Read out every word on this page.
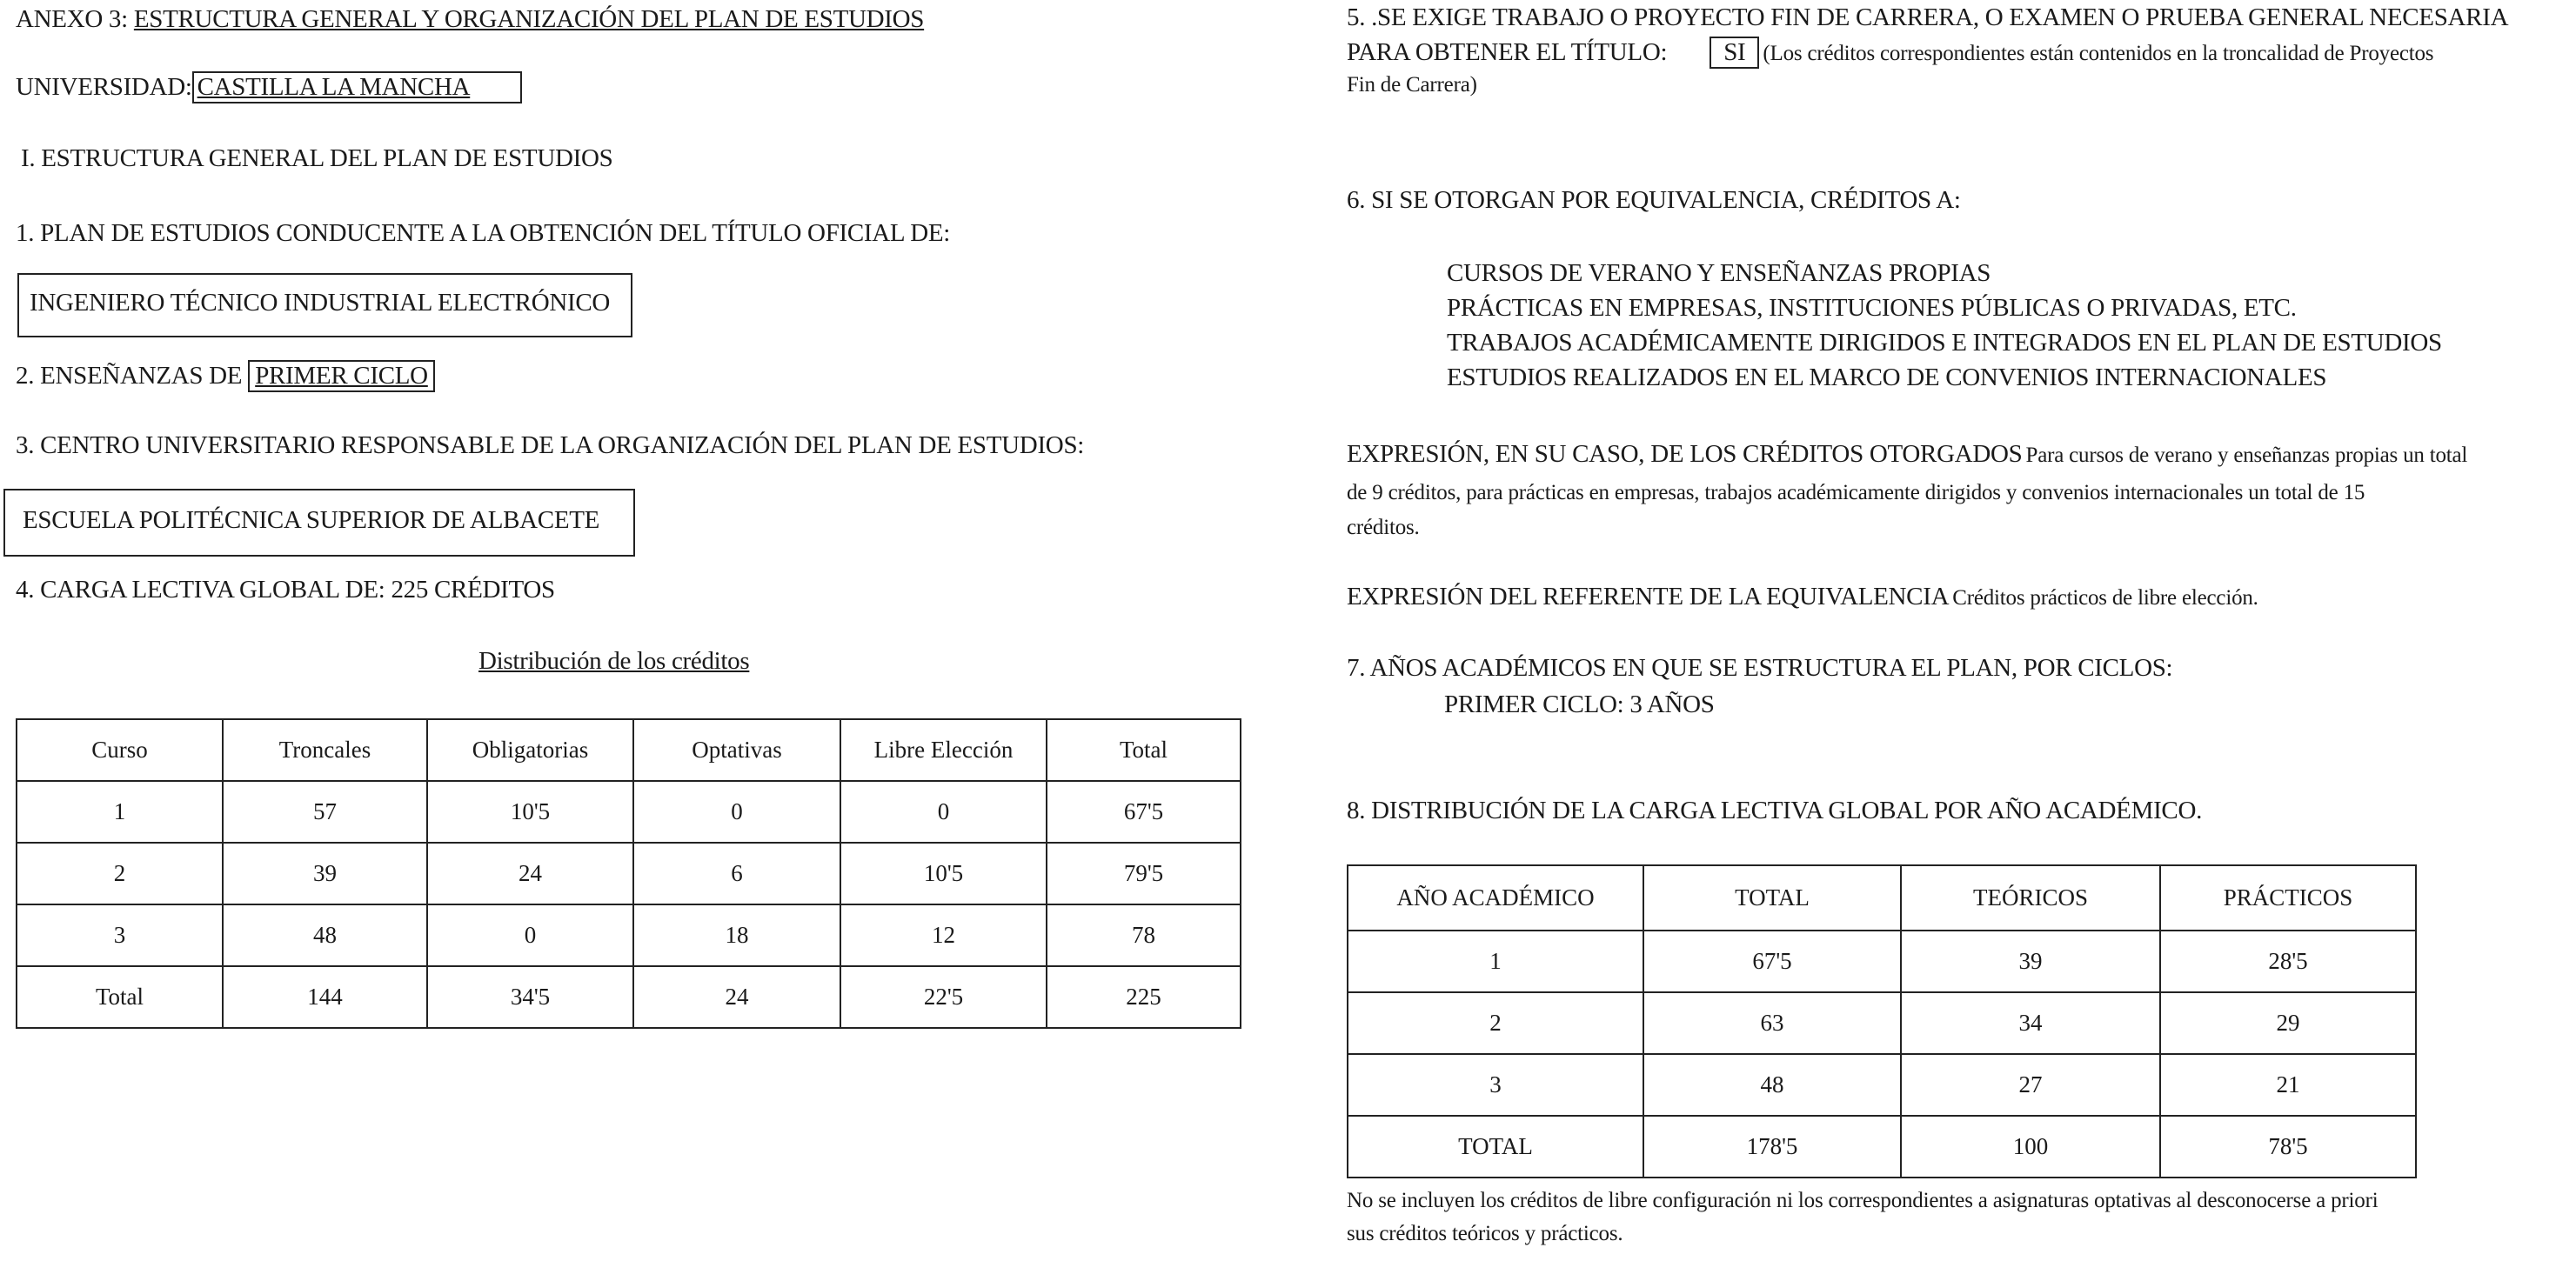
ANEXO 3: ESTRUCTURA GENERAL Y ORGANIZACIÓN DEL PLAN DE ESTUDIOS
UNIVERSIDAD: CASTILLA LA MANCHA
I. ESTRUCTURA GENERAL DEL PLAN DE ESTUDIOS
1. PLAN DE ESTUDIOS CONDUCENTE A LA OBTENCIÓN DEL TÍTULO OFICIAL DE:
INGENIERO TÉCNICO INDUSTRIAL ELECTRÓNICO
2. ENSEÑANZAS DE PRIMER CICLO
3. CENTRO UNIVERSITARIO RESPONSABLE DE LA ORGANIZACIÓN DEL PLAN DE ESTUDIOS:
ESCUELA POLITÉCNICA SUPERIOR DE ALBACETE
4. CARGA LECTIVA GLOBAL DE: 225 CRÉDITOS
Distribución de los créditos
Curso	Troncales	Obligatorias	Optativas	Libre Elección	Total
1	57	10'5	0	0	67'5
2	39	24	6	10'5	79'5
3	48	0	18	12	78
Total	144	34'5	24	22'5	225
5. .SE EXIGE TRABAJO O PROYECTO FIN DE CARRERA, O EXAMEN O PRUEBA GENERAL NECESARIA
PARA OBTENER EL TÍTULO: SI (Los créditos correspondientes están contenidos en la troncalidad de Proyectos
Fin de Carrera)
6. SI SE OTORGAN POR EQUIVALENCIA, CRÉDITOS A:
CURSOS DE VERANO Y ENSEÑANZAS PROPIAS
PRÁCTICAS EN EMPRESAS, INSTITUCIONES PÚBLICAS O PRIVADAS, ETC.
TRABAJOS ACADÉMICAMENTE DIRIGIDOS E INTEGRADOS EN EL PLAN DE ESTUDIOS
ESTUDIOS REALIZADOS EN EL MARCO DE CONVENIOS INTERNACIONALES
EXPRESIÓN, EN SU CASO, DE LOS CRÉDITOS OTORGADOS Para cursos de verano y enseñanzas propias un total
de 9 créditos, para prácticas en empresas, trabajos académicamente dirigidos y convenios internacionales un total de 15
créditos.
EXPRESIÓN DEL REFERENTE DE LA EQUIVALENCIA Créditos prácticos de libre elección.
7. AÑOS ACADÉMICOS EN QUE SE ESTRUCTURA EL PLAN, POR CICLOS:
PRIMER CICLO: 3 AÑOS
8. DISTRIBUCIÓN DE LA CARGA LECTIVA GLOBAL POR AÑO ACADÉMICO.
AÑO ACADÉMICO	TOTAL	TEÓRICOS	PRÁCTICOS
1	67'5	39	28'5
2	63	34	29
3	48	27	21
TOTAL	178'5	100	78'5
No se incluyen los créditos de libre configuración ni los correspondientes a asignaturas optativas al desconocerse a priori
sus créditos teóricos y prácticos.
